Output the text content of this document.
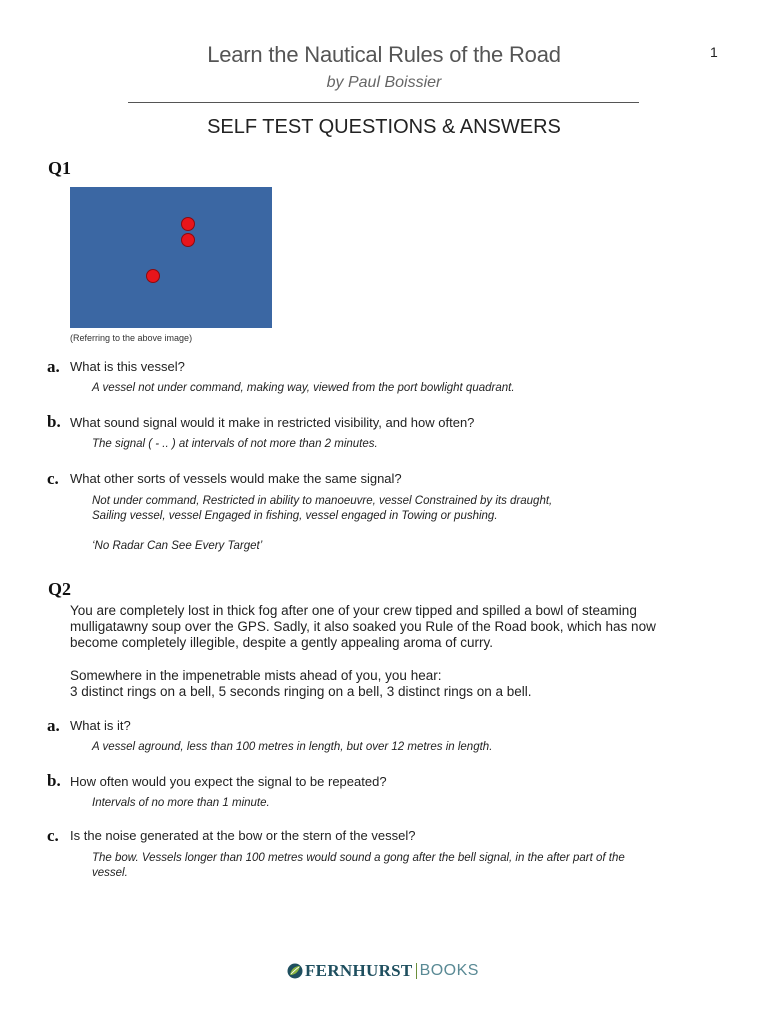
Learn the Nautical Rules of the Road
by Paul Boissier
1
SELF TEST QUESTIONS & ANSWERS
Q1
(Referring to the above image)
a. What is this vessel?
A vessel not under command, making way, viewed from the port bowlight quadrant.
b. What sound signal would it make in restricted visibility, and how often?
The signal ( - .. ) at intervals of not more than 2 minutes.
c. What other sorts of vessels would make the same signal?
Not under command, Restricted in ability to manoeuvre, vessel Constrained by its draught,
Sailing vessel, vessel Engaged in fishing, vessel engaged in Towing or pushing.
‘No Radar Can See Every Target’
Q2
You are completely lost in thick fog after one of your crew tipped and spilled a bowl of steaming
mulligatawny soup over the GPS. Sadly, it also soaked you Rule of the Road book, which has now
become completely illegible, despite a gently appealing aroma of curry.
Somewhere in the impenetrable mists ahead of you, you hear:
3 distinct rings on a bell, 5 seconds ringing on a bell, 3 distinct rings on a bell.
a. What is it?
A vessel aground, less than 100 metres in length, but over 12 metres in length.
b. How often would you expect the signal to be repeated?
Intervals of no more than 1 minute.
c. Is the noise generated at the bow or the stern of the vessel?
The bow. Vessels longer than 100 metres would sound a gong after the bell signal, in the after part of the
vessel.
FERNHURST BOOKS
